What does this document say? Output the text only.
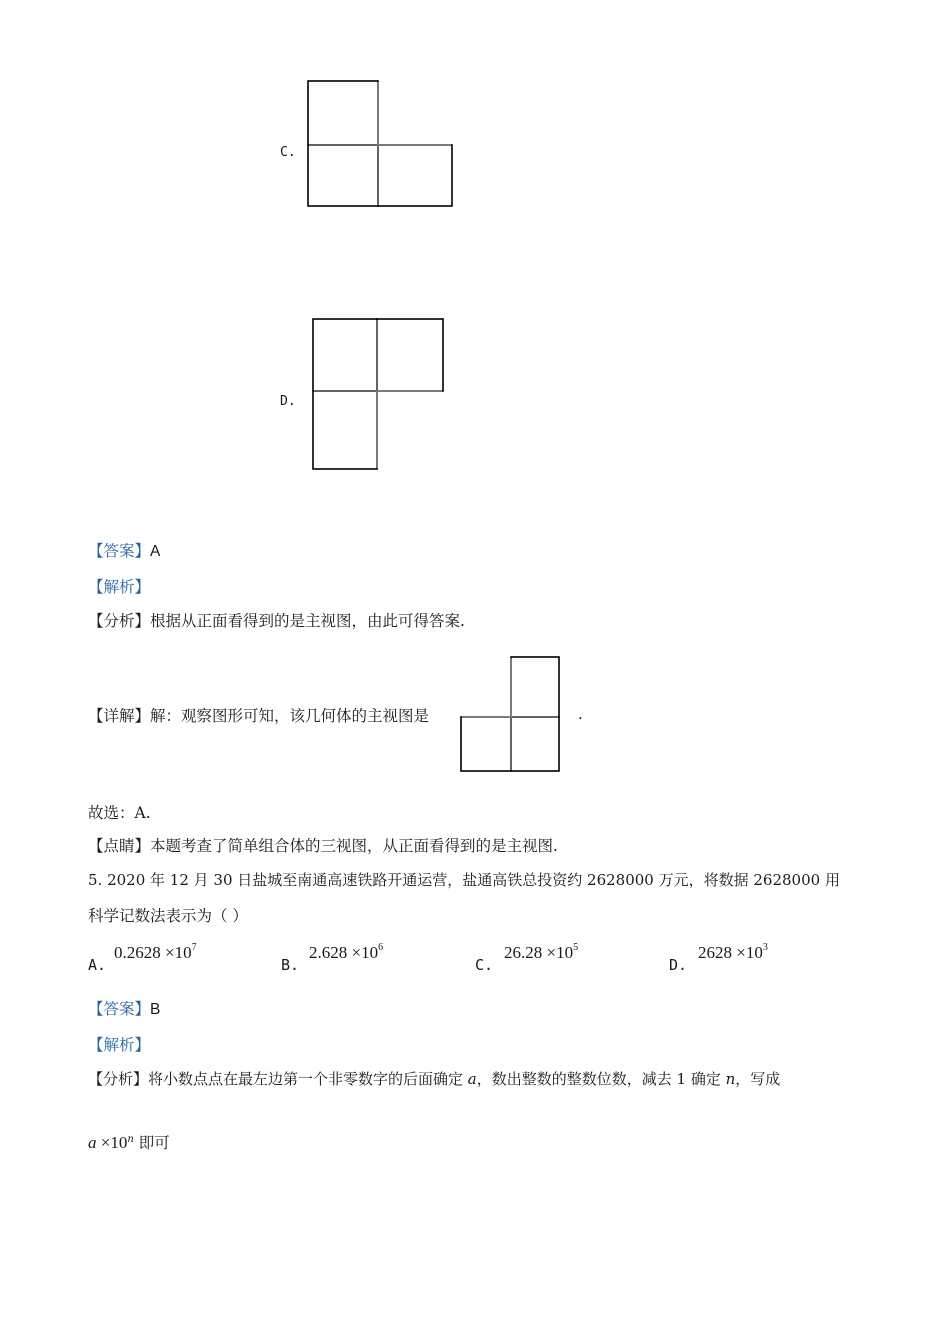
C.
D.
【答案】A
【解析】
【分析】根据从正面看得到的是主视图，由此可得答案.
【详解】解：观察图形可知，该几何体的主视图是	.
故选：A.
【点睛】本题考查了简单组合体的三视图，从正面看得到的是主视图.
5. 2020 年 12 月 30 日盐城至南通高速铁路开通运营，盐通高铁总投资约 2628000 万元，将数据 2628000 用
科学记数法表示为（ ）
A.
$0.2628 \times 10^7$
B.
$2.628 \times 10^6$
C.
$26.28 \times 10^5$
D.
$2628 \times 10^3$
【答案】B
【解析】
【分析】将小数点点在最左边第一个非零数字的后面确定 a，数出整数的整数位数，减去 1 确定 n，写成
$a \times 10^n$ 即可
